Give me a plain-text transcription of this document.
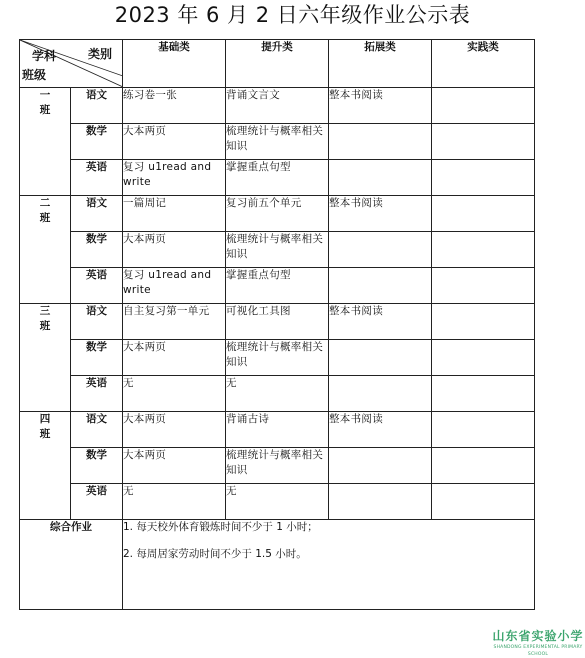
2023 年 6 月 2 日六年级作业公示表
学科 类别
班级		基础类	提升类	拓展类	实践类

一
班	语文	练习卷一张	背诵文言文	整本书阅读	
	数学	大本两页	梳理统计与概率相关知识		
	英语	复习 u1read and write	掌握重点句型		

二
班	语文	一篇周记	复习前五个单元	整本书阅读	
	数学	大本两页	梳理统计与概率相关知识		
	英语	复习 u1read and write	掌握重点句型		

三
班	语文	自主复习第一单元	可视化工具图	整本书阅读	
	数学	大本两页	梳理统计与概率相关知识		
	英语	无	无		

四
班	语文	大本两页	背诵古诗	整本书阅读	
	数学	大本两页	梳理统计与概率相关知识		
	英语	无	无		
综合作业		1. 每天校外体育锻炼时间不少于 1 小时；
2. 每周居家劳动时间不少于 1.5 小时。			
山东省实验小学
SHANDONG EXPERIMENTAL PRIMARY SCHOOL
